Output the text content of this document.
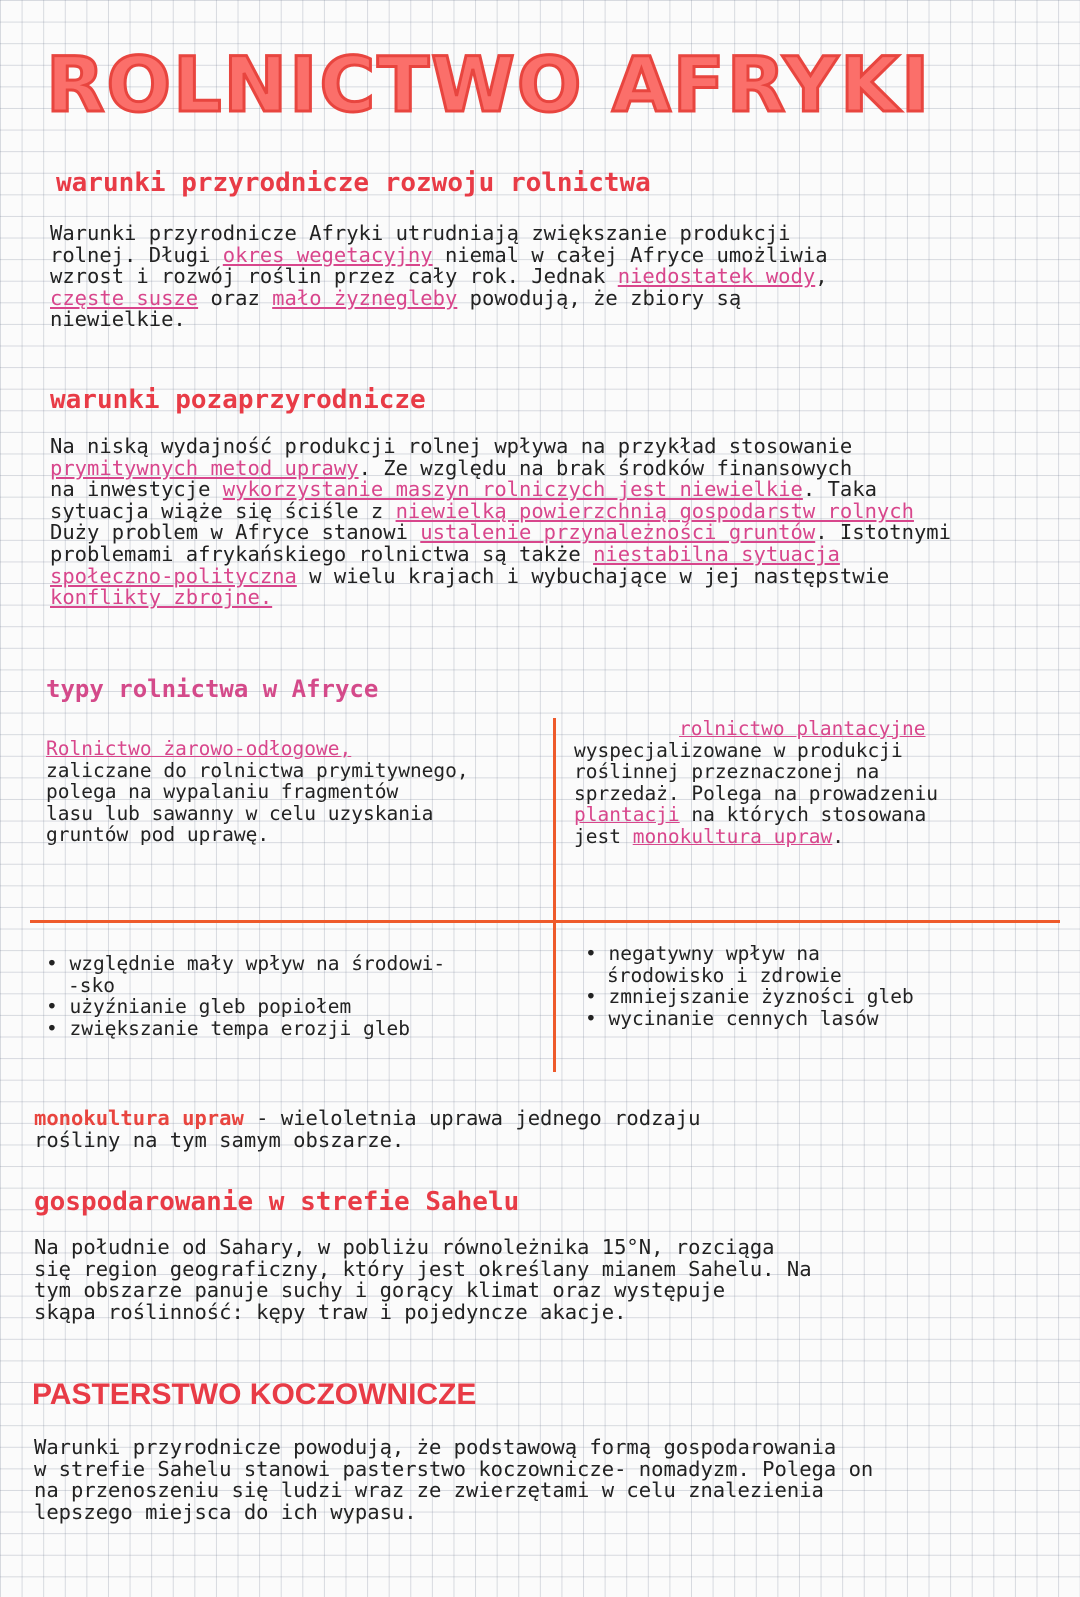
ROLNICTWO AFRYKI
warunki przyrodnicze rozwoju rolnictwa
Warunki przyrodnicze Afryki utrudniają zwiększanie produkcji
rolnej. Długi okres wegetacyjny niemal w całej Afryce umożliwia
wzrost i rozwój roślin przez cały rok. Jednak niedostatek wody,
częste susze oraz mało żyznegleby powodują, że zbiory są
niewielkie.
warunki pozaprzyrodnicze
Na niską wydajność produkcji rolnej wpływa na przykład stosowanie
prymitywnych metod uprawy. Ze względu na brak środków finansowych
na inwestycje wykorzystanie maszyn rolniczych jest niewielkie. Taka
sytuacja wiąże się ściśle z niewielką powierzchnią gospodarstw rolnych
Duży problem w Afryce stanowi ustalenie przynależności gruntów. Istotnymi
problemami afrykańskiego rolnictwa są także niestabilna sytuacja
społeczno-polityczna w wielu krajach i wybuchające w jej następstwie
konflikty zbrojne.
typy rolnictwa w Afryce
Rolnictwo żarowo-odłogowe,
zaliczane do rolnictwa prymitywnego,
polega na wypalaniu fragmentów
lasu lub sawanny w celu uzyskania
gruntów pod uprawę.
rolnictwo plantacyjne
wyspecjalizowane w produkcji
roślinnej przeznaczonej na
sprzedaż. Polega na prowadzeniu
plantacji na których stosowana
jest monokultura upraw.
• względnie mały wpływ na środowi-
-sko
• użyźnianie gleb popiołem
• zwiększanie tempa erozji gleb
• negatywny wpływ na
środowisko i zdrowie
• zmniejszanie żyzności gleb
• wycinanie cennych lasów
monokultura upraw - wieloletnia uprawa jednego rodzaju
rośliny na tym samym obszarze.
gospodarowanie w strefie Sahelu
Na południe od Sahary, w pobliżu równoleżnika 15°N, rozciąga
się region geograficzny, który jest określany mianem Sahelu. Na
tym obszarze panuje suchy i gorący klimat oraz występuje
skąpa roślinność: kępy traw i pojedyncze akacje.
PASTERSTWO KOCZOWNICZE
Warunki przyrodnicze powodują, że podstawową formą gospodarowania
w strefie Sahelu stanowi pasterstwo koczownicze- nomadyzm. Polega on
na przenoszeniu się ludzi wraz ze zwierzętami w celu znalezienia
lepszego miejsca do ich wypasu.
